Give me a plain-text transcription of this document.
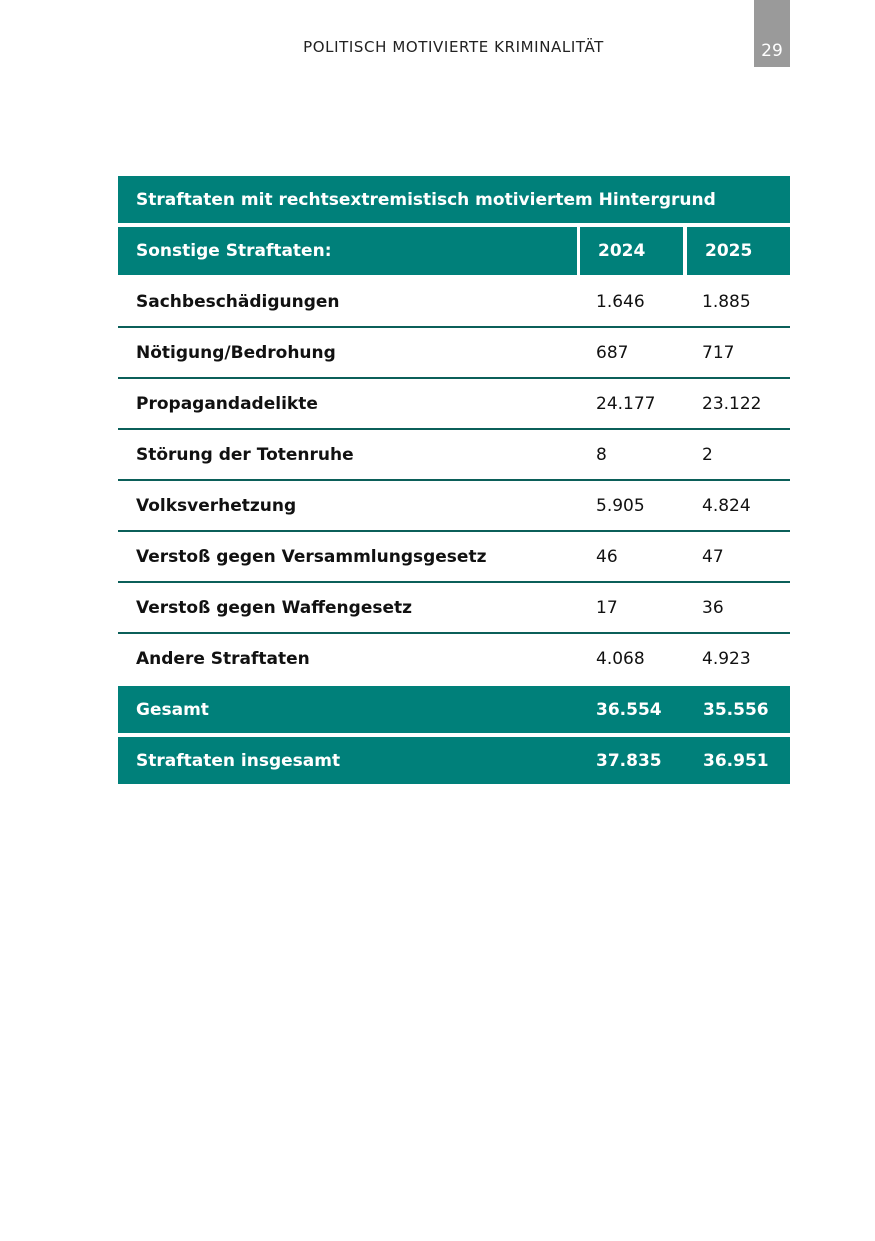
POLITISCH MOTIVIERTE KRIMINALITÄT	29
Straftaten mit rechtsextremistisch motiviertem Hintergrund
Sonstige Straftaten:	2024	2025
Sachbeschädigungen	1.646	1.885
Nötigung/Bedrohung	687	717
Propagandadelikte	24.177	23.122
Störung der Totenruhe	8	2
Volksverhetzung	5.905	4.824
Verstoß gegen Versammlungsgesetz	46	47
Verstoß gegen Waffengesetz	17	36
Andere Straftaten	4.068	4.923
Gesamt	36.554	35.556
Straftaten insgesamt	37.835	36.951
